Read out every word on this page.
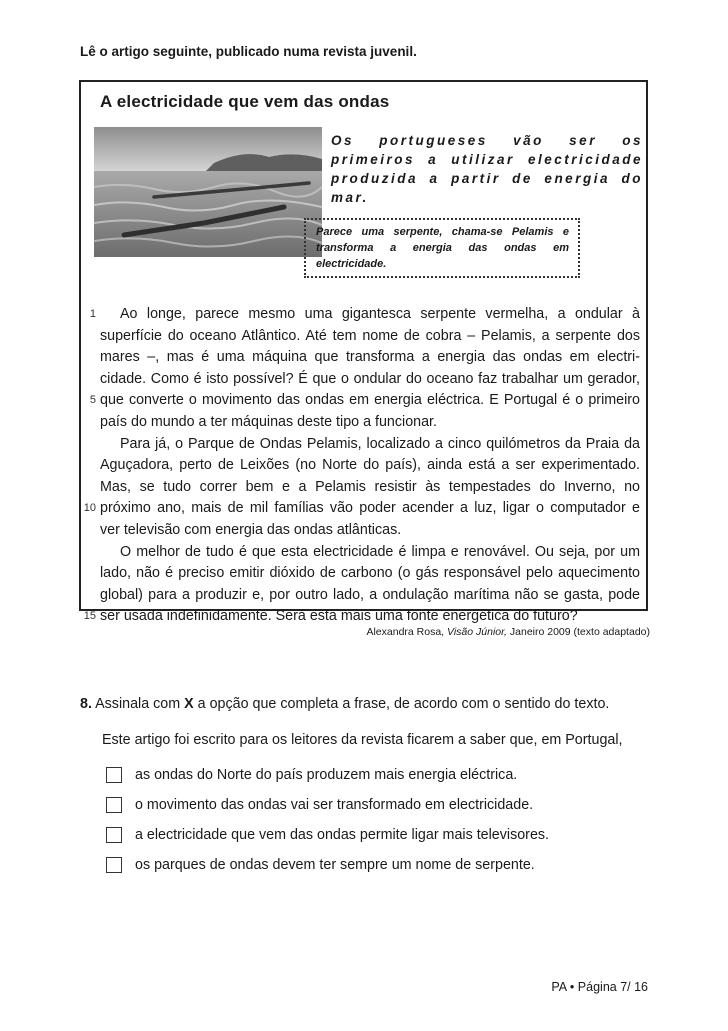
Lê o artigo seguinte, publicado numa revista juvenil.
A electricidade que vem das ondas
Os portugueses vão ser os primeiros a utilizar electricidade produzida a partir de energia do mar.
Parece uma serpente, chama-se Pelamis e transforma a energia das ondas em electricidade.
1
5
10
15

Ao longe, parece mesmo uma gigantesca serpente vermelha, a ondular à

superfície do oceano Atlântico. Até tem nome de cobra – Pelamis, a serpente dos

mares –, mas é uma máquina que transforma a energia das ondas em electri-

cidade. Como é isto possível? É que o ondular do oceano faz trabalhar um gerador,

que converte o movimento das ondas em energia eléctrica. E Portugal é o primeiro

país do mundo a ter máquinas deste tipo a funcionar.

Para já, o Parque de Ondas Pelamis, localizado a cinco quilómetros da Praia da

Aguçadora, perto de Leixões (no Norte do país), ainda está a ser experimentado.

Mas, se tudo correr bem e a Pelamis resistir às tempestades do Inverno, no

próximo ano, mais de mil famílias vão poder acender a luz, ligar o computador e

ver televisão com energia das ondas atlânticas.

O melhor de tudo é que esta electricidade é limpa e renovável. Ou seja, por um

lado, não é preciso emitir dióxido de carbono (o gás responsável pelo aquecimento

global) para a produzir e, por outro lado, a ondulação marítima não se gasta, pode

ser usada indefinidamente. Será esta mais uma fonte energética do futuro?

Alexandra Rosa, Visão Júnior, Janeiro 2009 (texto adaptado)
8. Assinala com X a opção que completa a frase, de acordo com o sentido do texto.
Este artigo foi escrito para os leitores da revista ficarem a saber que, em Portugal,
as ondas do Norte do país produzem mais energia eléctrica.
o movimento das ondas vai ser transformado em electricidade.
a electricidade que vem das ondas permite ligar mais televisores.
os parques de ondas devem ter sempre um nome de serpente.
PA • Página 7/ 16
